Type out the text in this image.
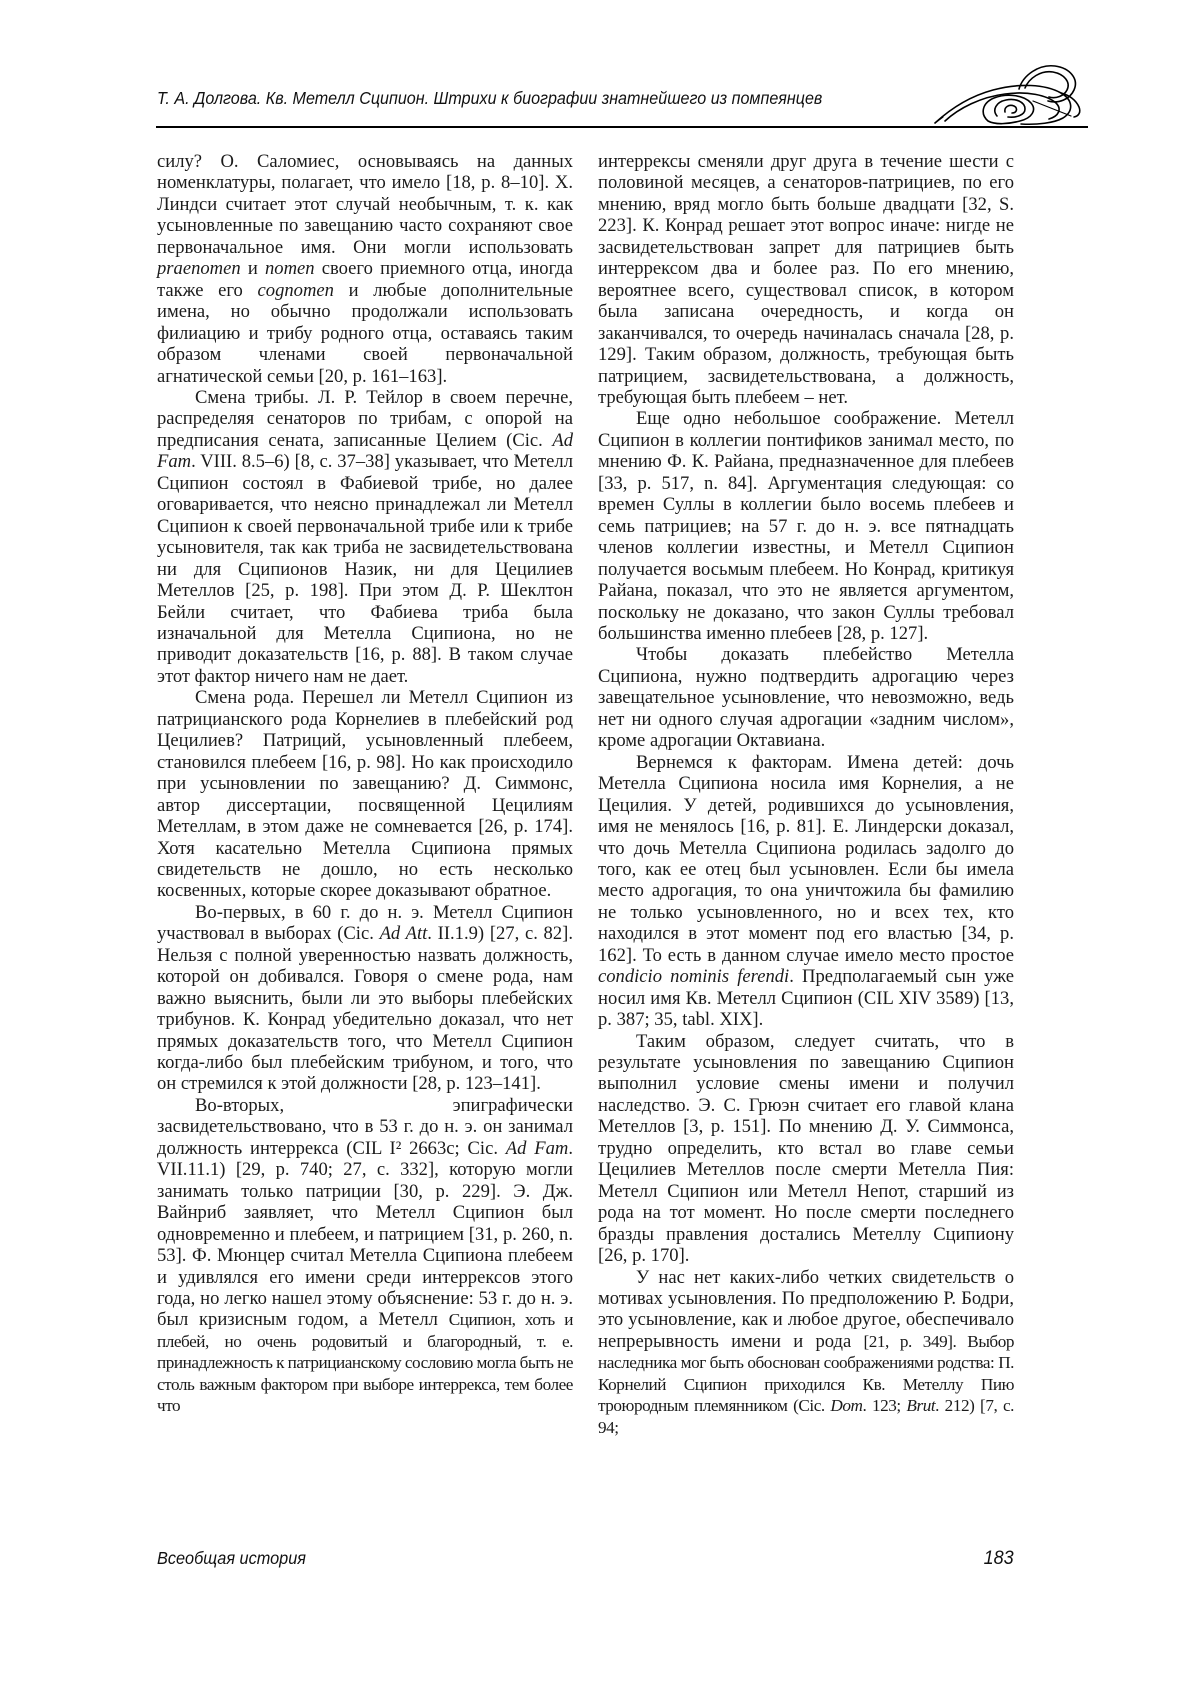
Т. А. Долгова. Кв. Метелл Сципион. Штрихи к биографии знатнейшего из помпеянцев

силу? О. Саломиес, основываясь на данных номенклатуры, полагает, что имело [18, p. 8–10]. Х. Линдси считает этот случай необычным, т. к. как усыновленные по завещанию часто сохраняют свое первоначальное имя. Они могли использовать praenomen и nomen своего приемного отца, иногда также его cognomen и любые дополнительные имена, но обычно продолжали использовать филиацию и трибу родного отца, оставаясь таким образом членами своей первоначальной агнатической семьи [20, p. 161–163].

Смена трибы. Л. Р. Тейлор в своем перечне, распределяя сенаторов по трибам, с опорой на предписания сената, записанные Целием (Cic. Ad Fam. VIII. 8.5–6) [8, с. 37–38] указывает, что Метелл Сципион состоял в Фабиевой трибе, но далее оговаривается, что неясно принадлежал ли Метелл Сципион к своей первоначальной трибе или к трибе усыновителя, так как триба не засвидетельствована ни для Сципионов Назик, ни для Цецилиев Метеллов [25, p. 198]. При этом Д. Р. Шеклтон Бейли считает, что Фабиева триба была изначальной для Метелла Сципиона, но не приводит доказательств [16, p. 88]. В таком случае этот фактор ничего нам не дает.

Смена рода. Перешел ли Метелл Сципион из патрицианского рода Корнелиев в плебейский род Цецилиев? Патриций, усыновленный плебеем, становился плебеем [16, p. 98]. Но как происходило при усыновлении по завещанию? Д. Симмонс, автор диссертации, посвященной Цецилиям Метеллам, в этом даже не сомневается [26, p. 174]. Хотя касательно Метелла Сципиона прямых свидетельств не дошло, но есть несколько косвенных, которые скорее доказывают обратное.

Во-первых, в 60 г. до н. э. Метелл Сципион участвовал в выборах (Cic. Ad Att. II.1.9) [27, с. 82]. Нельзя с полной уверенностью назвать должность, которой он добивался. Говоря о смене рода, нам важно выяснить, были ли это выборы плебейских трибунов. К. Конрад убедительно доказал, что нет прямых доказательств того, что Метелл Сципион когда-либо был плебейским трибуном, и того, что он стремился к этой должности [28, p. 123–141].

Во-вторых, эпиграфически засвидетельствовано, что в 53 г. до н. э. он занимал должность интеррекса (CIL I² 2663c; Cic. Ad Fam. VII.11.1) [29, p. 740; 27, с. 332], которую могли занимать только патриции [30, p. 229]. Э. Дж. Вайнриб заявляет, что Метелл Сципион был одновременно и плебеем, и патрицием [31, p. 260, n. 53]. Ф. Мюнцер считал Метелла Сципиона плебеем и удивлялся его имени среди интеррексов этого года, но легко нашел этому объяснение: 53 г. до н. э. был кризисным годом, а Метелл Сципион, хоть и плебей, но очень родовитый и благородный, т. е. принадлежность к патрицианскому сословию могла быть не столь важным фактором при выборе интеррекса, тем более что

интеррексы сменяли друг друга в течение шести с половиной месяцев, а сенаторов-патрициев, по его мнению, вряд могло быть больше двадцати [32, S. 223]. К. Конрад решает этот вопрос иначе: нигде не засвидетельствован запрет для патрициев быть интеррексом два и более раз. По его мнению, вероятнее всего, существовал список, в котором была записана очередность, и когда он заканчивался, то очередь начиналась сначала [28, p. 129]. Таким образом, должность, требующая быть патрицием, засвидетельствована, а должность, требующая быть плебеем – нет.

Еще одно небольшое соображение. Метелл Сципион в коллегии понтификов занимал место, по мнению Ф. К. Райана, предназначенное для плебеев [33, p. 517, n. 84]. Аргументация следующая: со времен Суллы в коллегии было восемь плебеев и семь патрициев; на 57 г. до н. э. все пятнадцать членов коллегии известны, и Метелл Сципион получается восьмым плебеем. Но Конрад, критикуя Райана, показал, что это не является аргументом, поскольку не доказано, что закон Суллы требовал большинства именно плебеев [28, p. 127].

Чтобы доказать плебейство Метелла Сципиона, нужно подтвердить адрогацию через завещательное усыновление, что невозможно, ведь нет ни одного случая адрогации «задним числом», кроме адрогации Октавиана.

Вернемся к факторам. Имена детей: дочь Метелла Сципиона носила имя Корнелия, а не Цецилия. У детей, родившихся до усыновления, имя не менялось [16, p. 81]. Е. Линдерски доказал, что дочь Метелла Сципиона родилась задолго до того, как ее отец был усыновлен. Если бы имела место адрогация, то она уничтожила бы фамилию не только усыновленного, но и всех тех, кто находился в этот момент под его властью [34, p. 162]. То есть в данном случае имело место простое condicio nominis ferendi. Предполагаемый сын уже носил имя Кв. Метелл Сципион (CIL XIV 3589) [13, p. 387; 35, tabl. XIX].

Таким образом, следует считать, что в результате усыновления по завещанию Сципион выполнил условие смены имени и получил наследство. Э. С. Грюэн считает его главой клана Метеллов [3, p. 151]. По мнению Д. У. Симмонса, трудно определить, кто встал во главе семьи Цецилиев Метеллов после смерти Метелла Пия: Метелл Сципион или Метелл Непот, старший из рода на тот момент. Но после смерти последнего бразды правления достались Метеллу Сципиону [26, p. 170].

У нас нет каких-либо четких свидетельств о мотивах усыновления. По предположению Р. Бодри, это усыновление, как и любое другое, обеспечивало непрерывность имени и рода [21, p. 349]. Выбор наследника мог быть обоснован соображениями родства: П. Корнелий Сципион приходился Кв. Метеллу Пию троюродным племянником (Cic. Dom. 123; Brut. 212) [7, с. 94;

Всеобщая история	183
